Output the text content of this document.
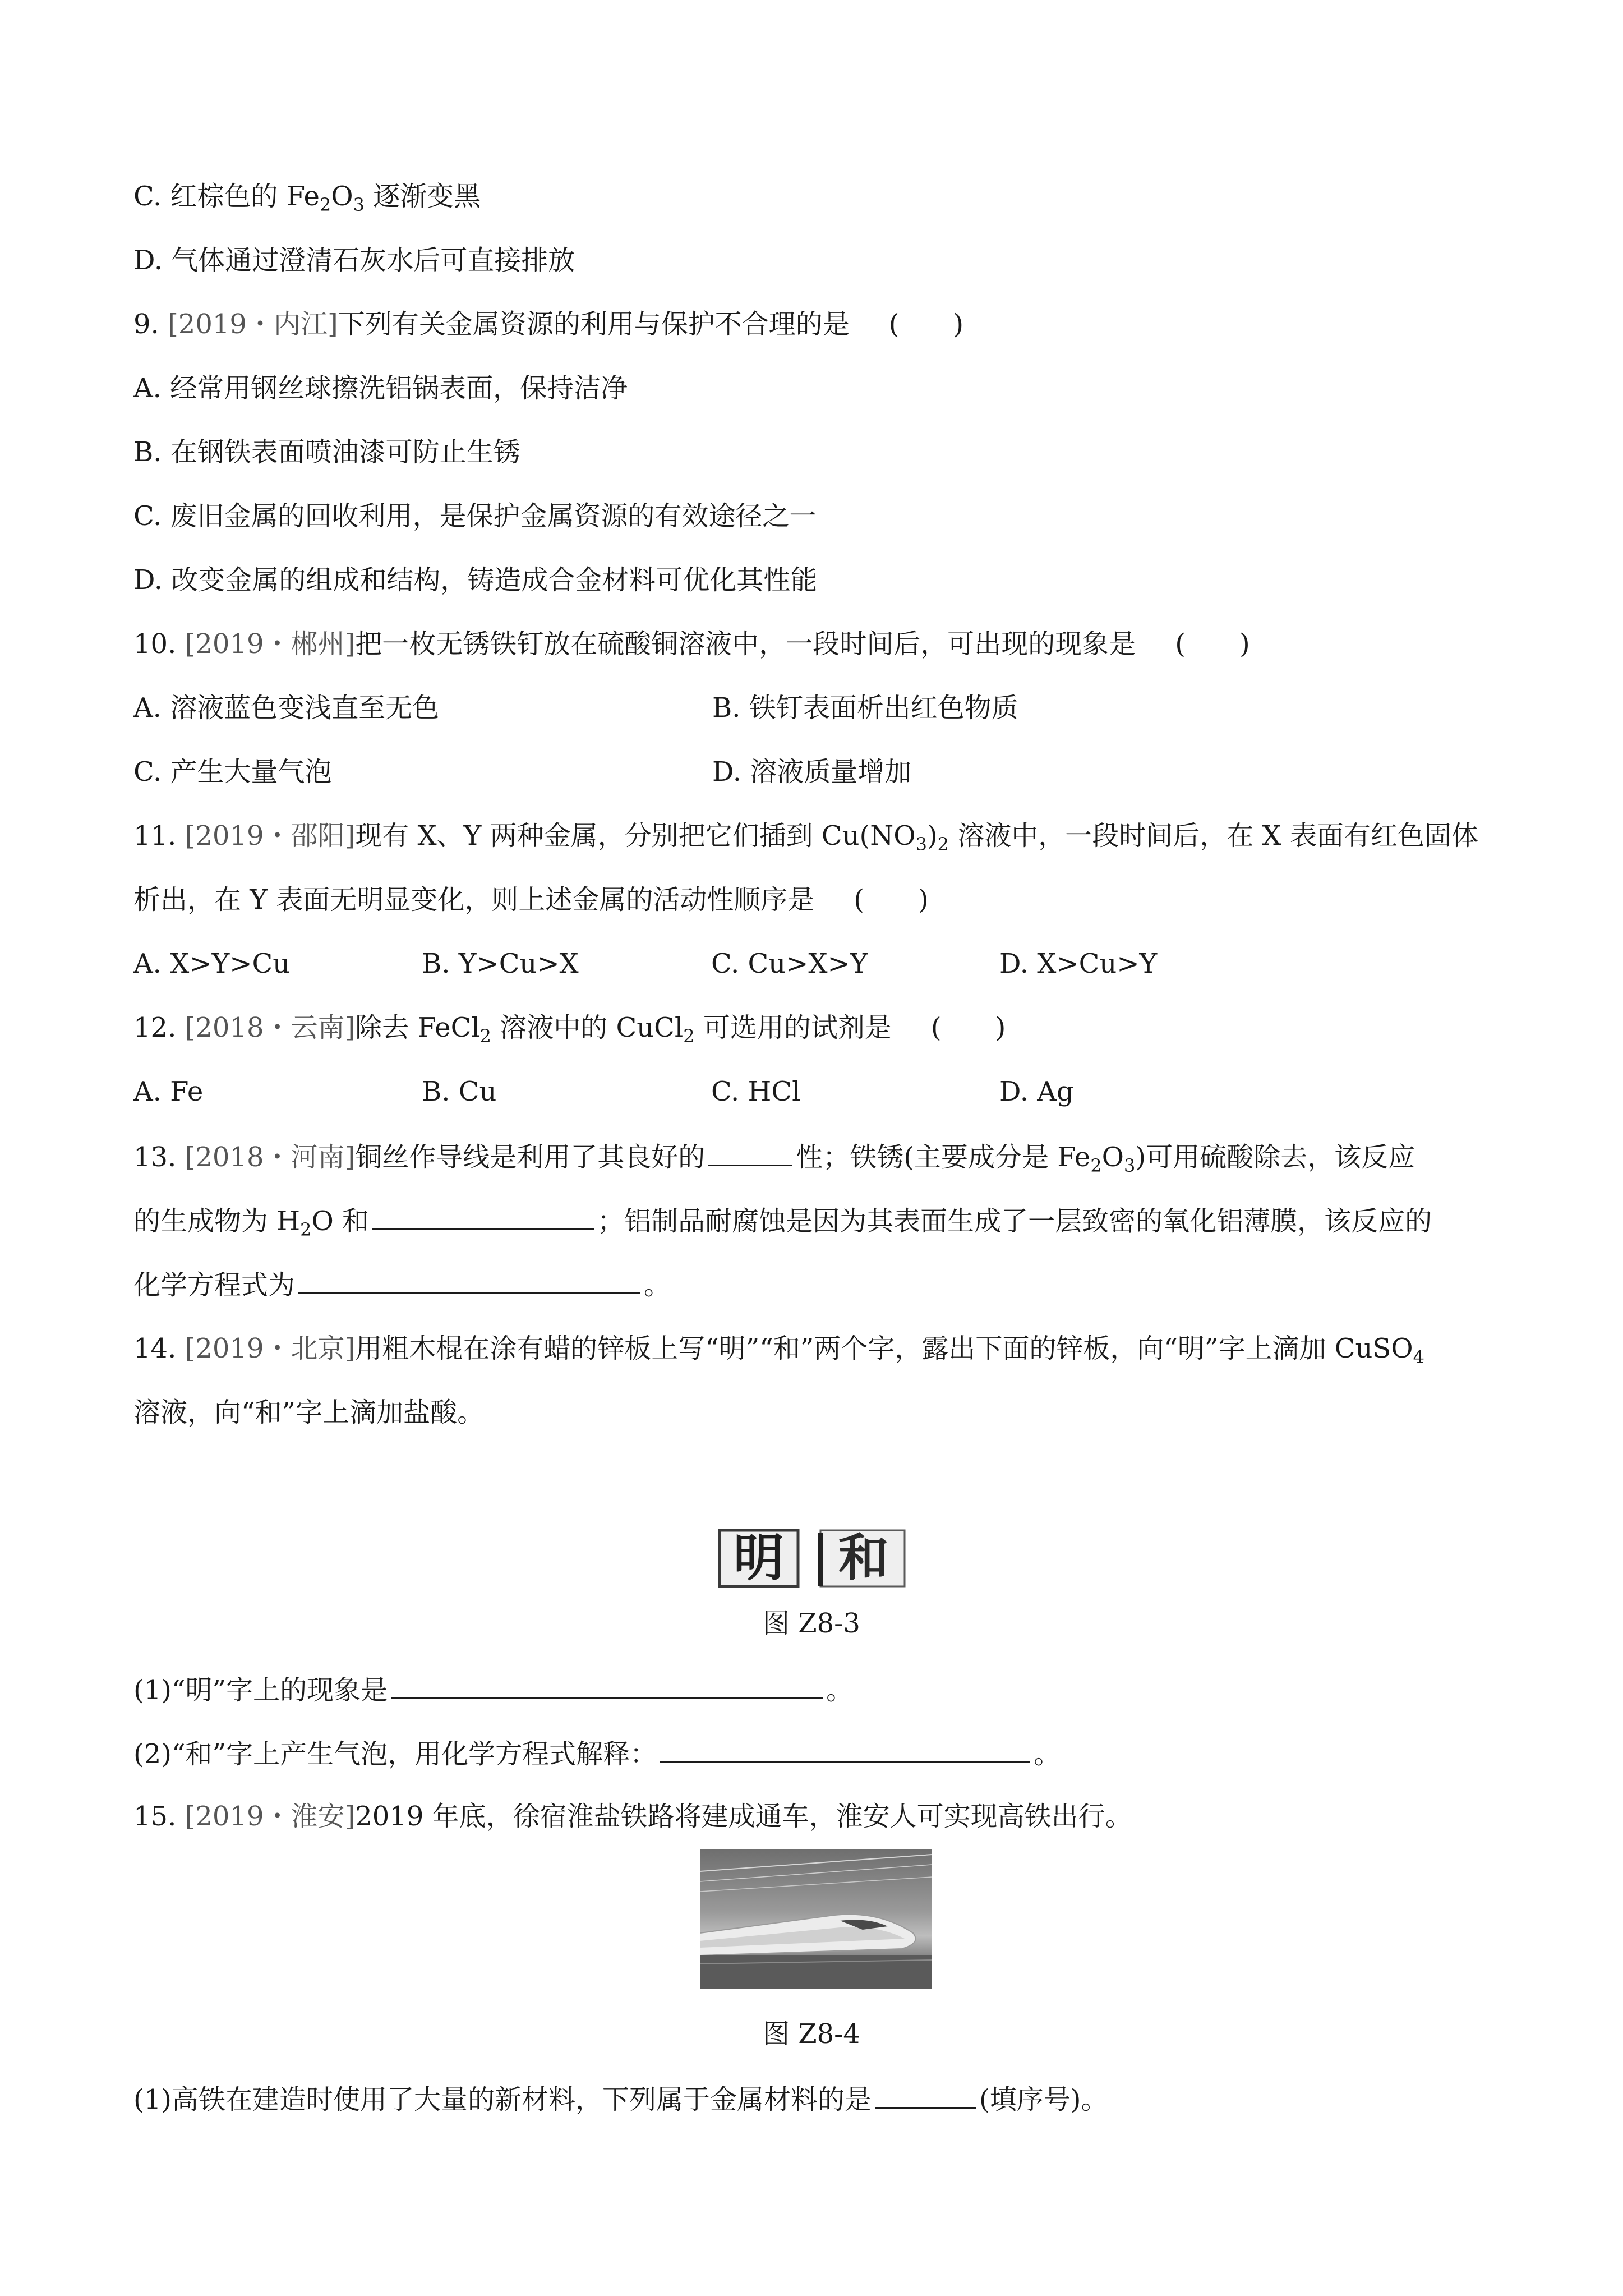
C. 红棕色的 $Fe_2O_3$ 逐渐变黑
D. 气体通过澄清石灰水后可直接排放
9. [2019・内江]下列有关金属资源的利用与保护不合理的是 (　　)
A. 经常用钢丝球擦洗铝锅表面，保持洁净
B. 在钢铁表面喷油漆可防止生锈
C. 废旧金属的回收利用，是保护金属资源的有效途径之一
D. 改变金属的组成和结构，铸造成合金材料可优化其性能
10. [2019・郴州]把一枚无锈铁钉放在硫酸铜溶液中，一段时间后，可出现的现象是 (　　)
A. 溶液蓝色变浅直至无色	B. 铁钉表面析出红色物质
C. 产生大量气泡	D. 溶液质量增加
11. [2019・邵阳]现有 X、Y 两种金属，分别把它们插到 $Cu(NO_3)_2$ 溶液中，一段时间后，在 X 表面有红色固体
析出，在 Y 表面无明显变化，则上述金属的活动性顺序是 (　　)
A. X>Y>Cu	B. Y>Cu>X	C. Cu>X>Y	D. X>Cu>Y
12. [2018・云南]除去 FeCl$_2$ 溶液中的 CuCl$_2$ 可选用的试剂是 (　　)
A. Fe	B. Cu	C. HCl	D. Ag
13. [2018・河南]铜丝作导线是利用了其良好的	性；铁锈(主要成分是 $Fe_2O_3$)可用硫酸除去，该反应
的生成物为 $H_2O$ 和	；铝制品耐腐蚀是因为其表面生成了一层致密的氧化铝薄膜，该反应的
化学方程式为	。
14. [2019・北京]用粗木棍在涂有蜡的锌板上写“明”“和”两个字，露出下面的锌板，向“明”字上滴加 CuSO$_4$
溶液，向“和”字上滴加盐酸。
明 和
图 Z8-3
(1)“明”字上的现象是	。
(2)“和”字上产生气泡，用化学方程式解释：	。
15. [2019・淮安]2019 年底，徐宿淮盐铁路将建成通车，淮安人可实现高铁出行。
图 Z8-4
(1)高铁在建造时使用了大量的新材料，下列属于金属材料的是	(填序号)。
